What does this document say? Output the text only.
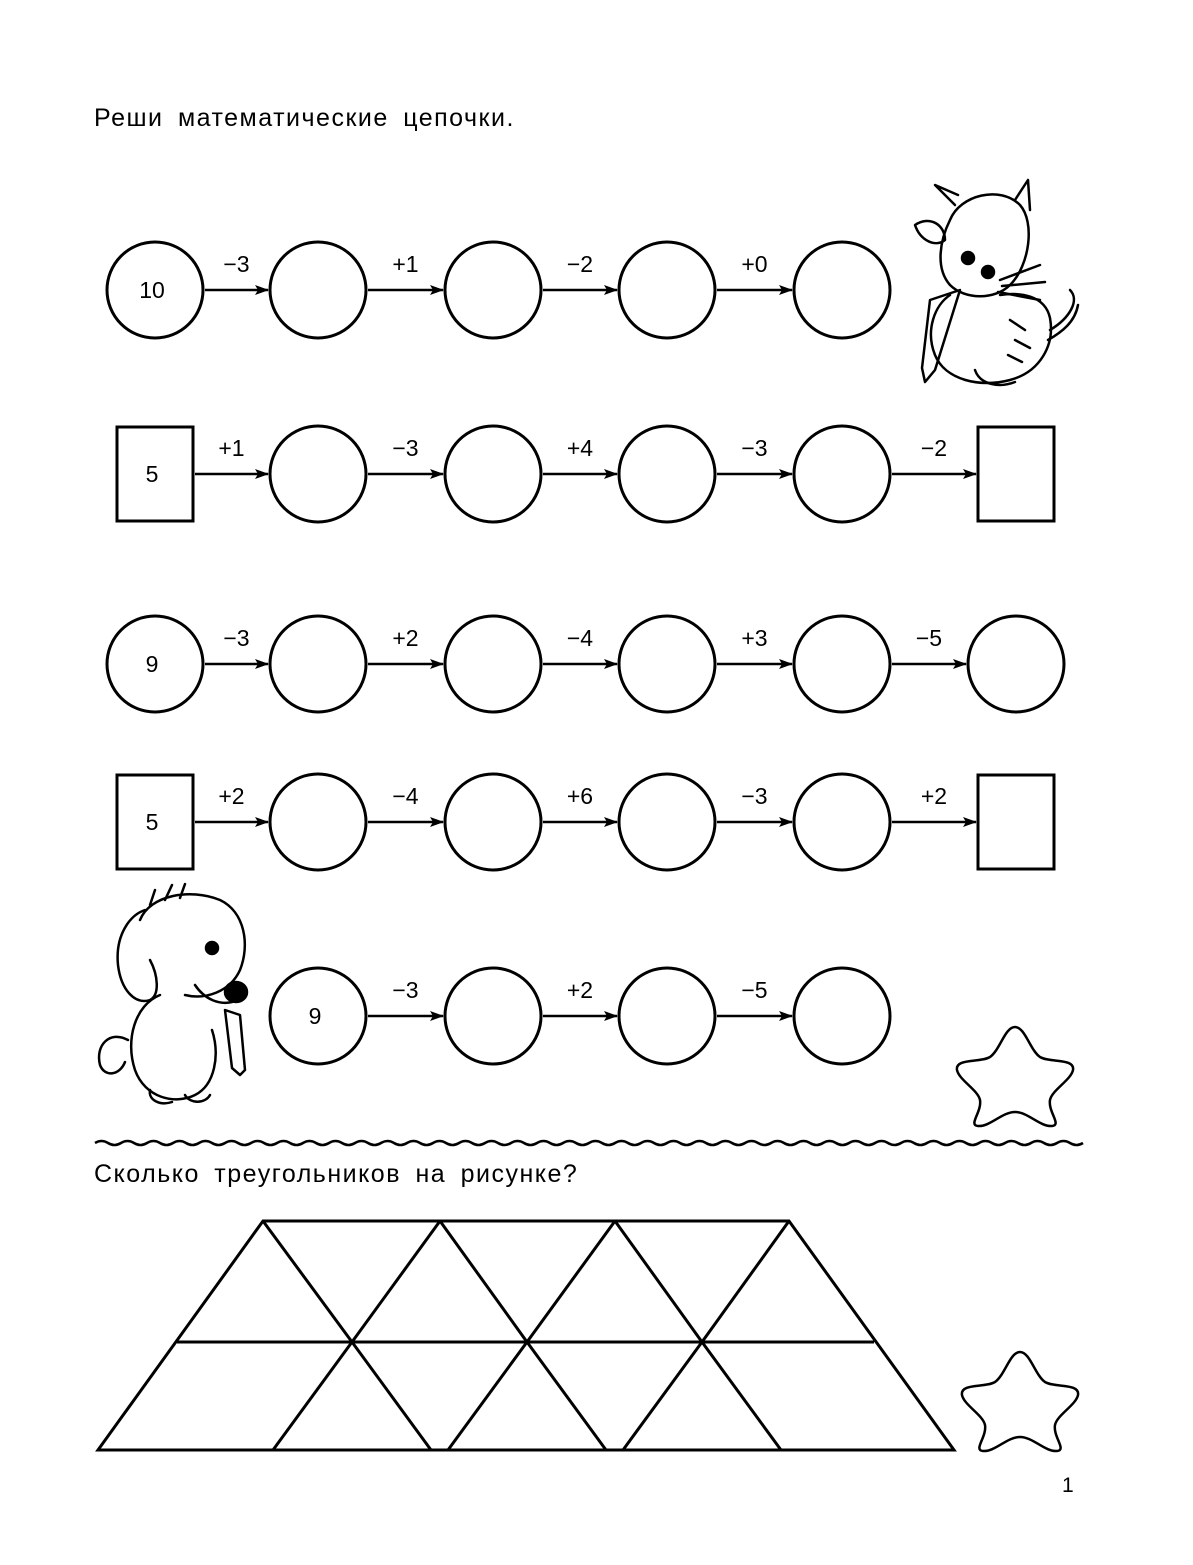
Реши математические цепочки.
Сколько треугольников на рисунке?
1
10
−3	+1	−2	+0
5
+1	−3	+4	−3	−2
9
−3	+2	−4	+3	−5
5
+2	−4	+6	−3	+2
9
−3	+2	−5
